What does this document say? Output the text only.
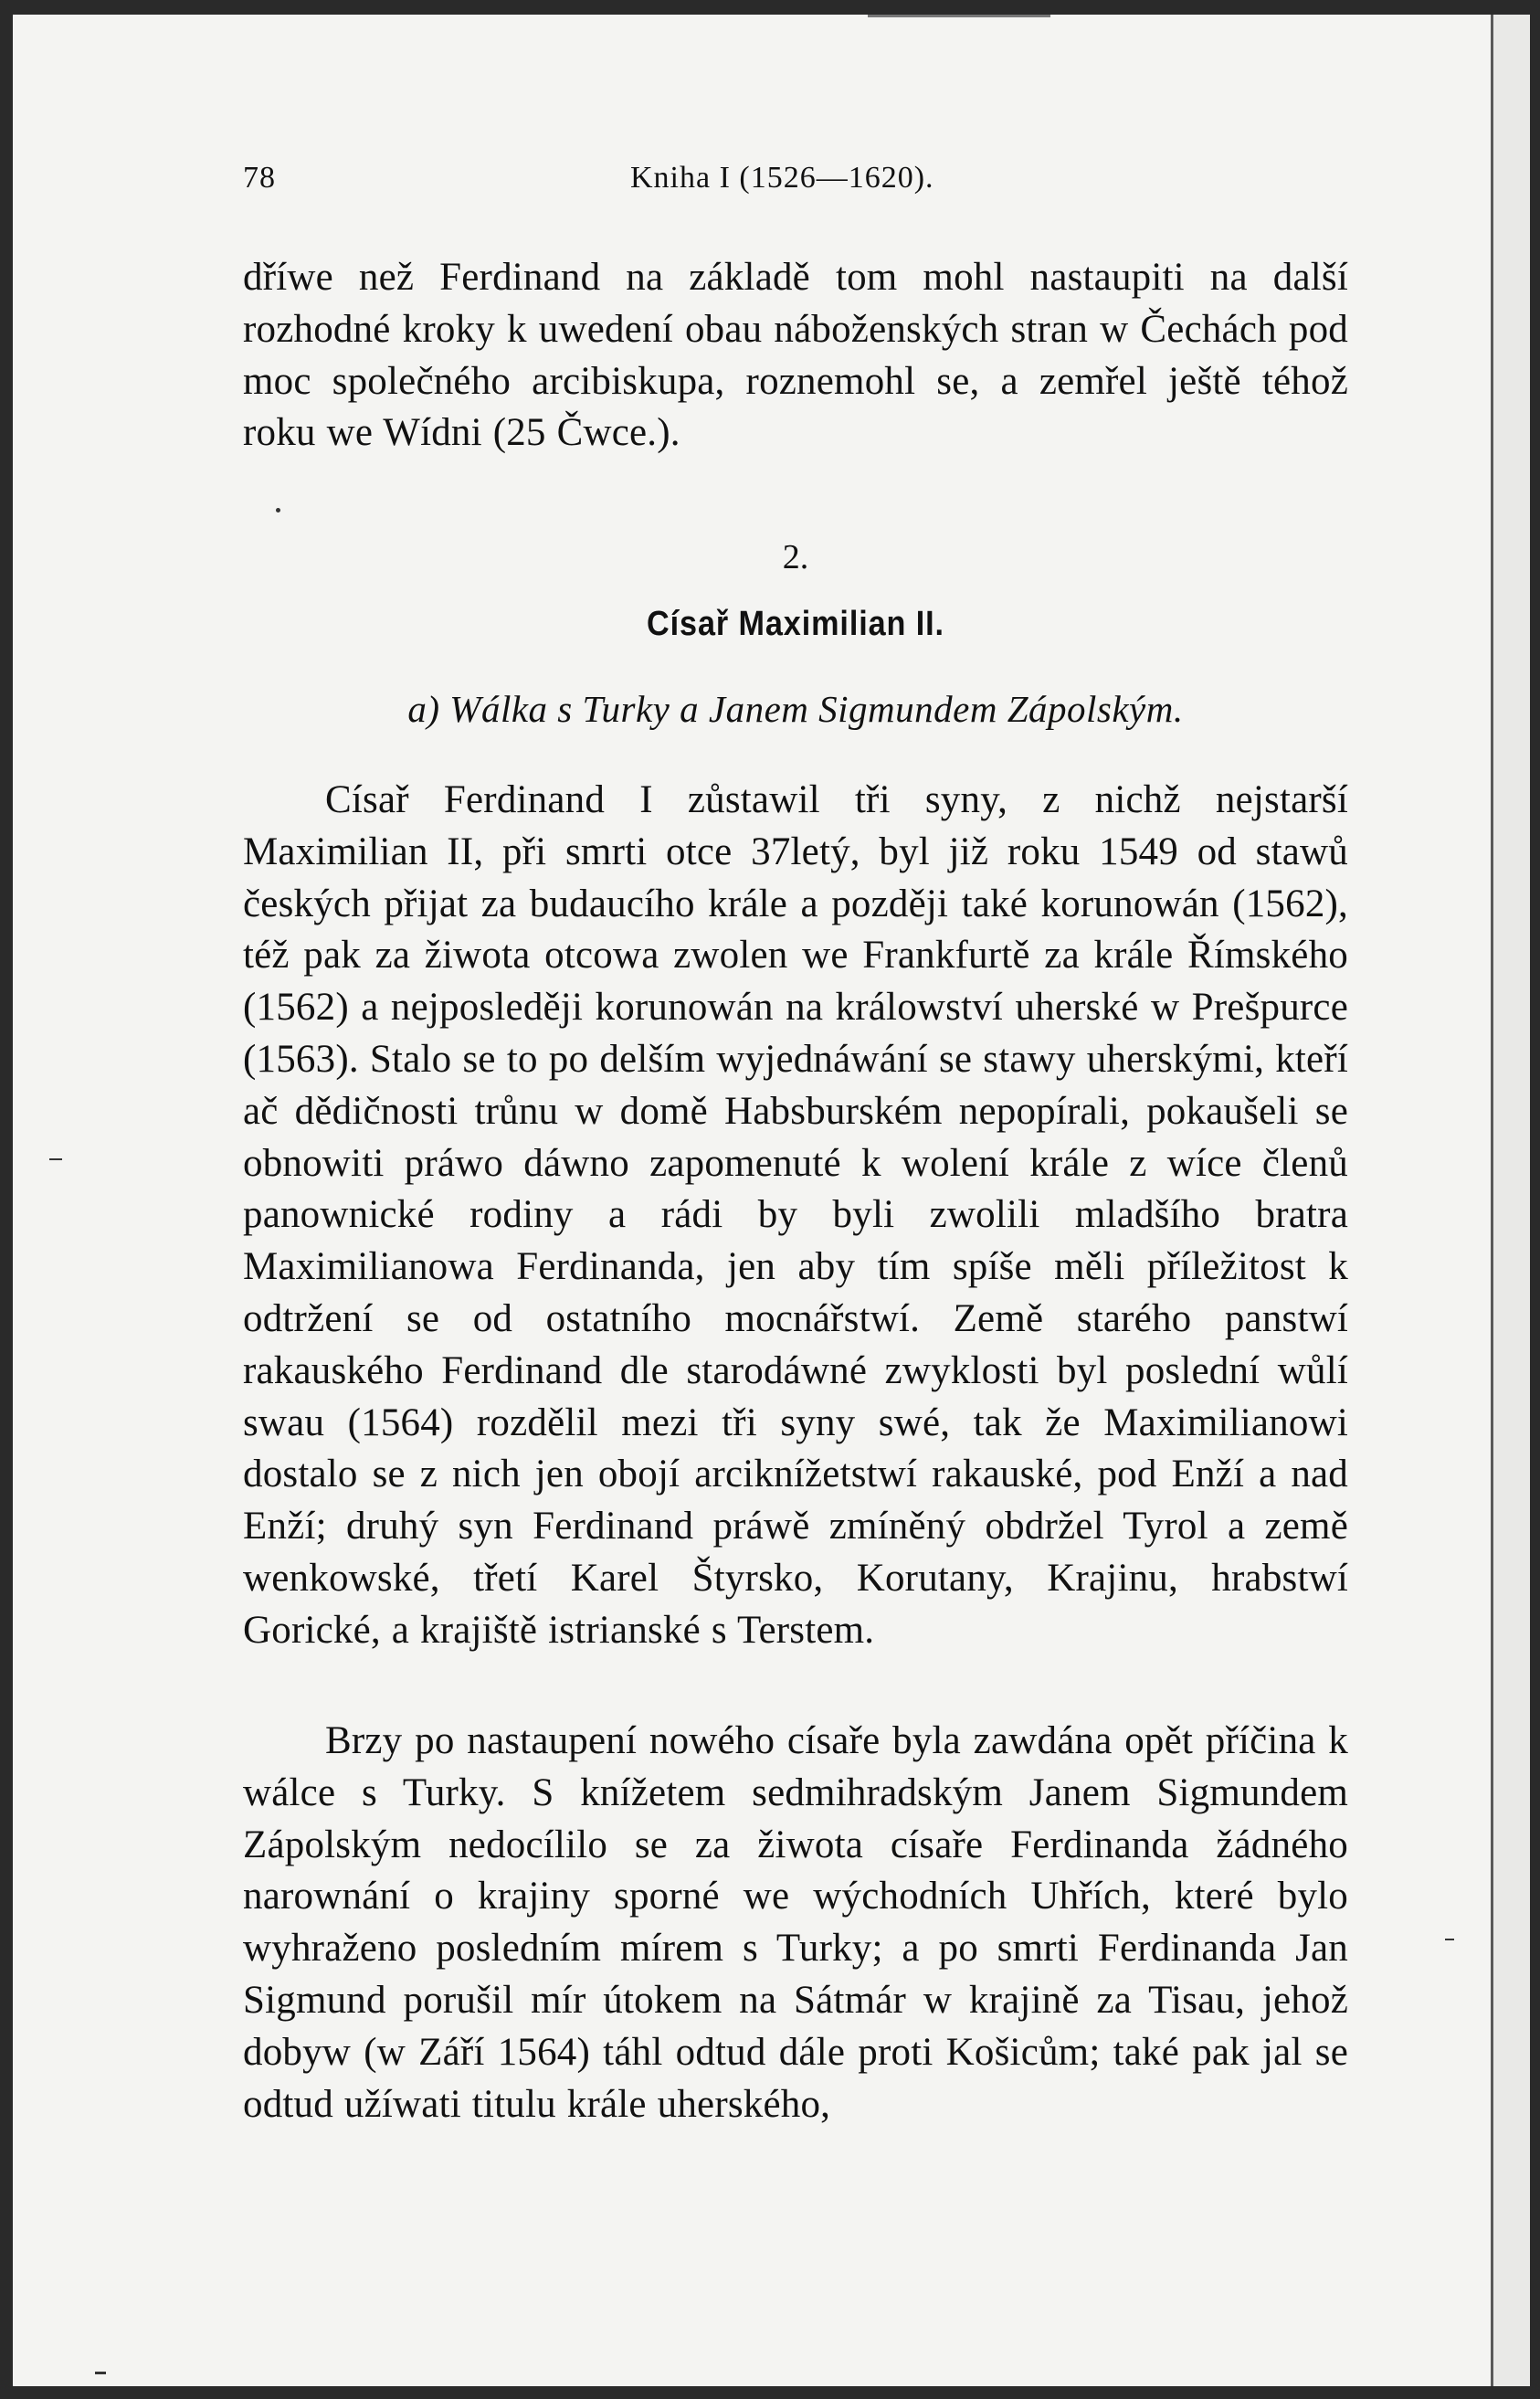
78	Kniha I (1526—1620).
dříwe než Ferdinand na základě tom mohl nastaupiti na další rozhodné kroky k uwedení obau náboženských stran w Čechách pod moc společného arcibiskupa, roznemohl se, a zemřel ještě téhož roku we Wídni (25 Čwce.).
2.
Císař Maximilian II.
a) Wálka s Turky a Janem Sigmundem Zápolským.
Císař Ferdinand I zůstawil tři syny, z nichž nejstarší Maximilian II, při smrti otce 37letý, byl již roku 1549 od stawů českých přijat za budaucího krále a později také korunowán (1562), též pak za žiwota otcowa zwolen we Frankfurtě za krále Římského (1562) a nejposleději korunowán na králowství uherské w Prešpurce (1563). Stalo se to po delším wyjednáwání se stawy uherskými, kteří ač dědičnosti trůnu w domě Habsburském nepopírali, pokaušeli se obnowiti práwo dáwno zapomenuté k wolení krále z wíce členů panownické rodiny a rádi by byli zwolili mladšího bratra Maximilianowa Ferdinanda, jen aby tím spíše měli příležitost k odtržení se od ostatního mocnářstwí. Země starého panstwí rakauského Ferdinand dle starodáwné zwyklosti byl poslední wůlí swau (1564) rozdělil mezi tři syny swé, tak že Maximilianowi dostalo se z nich jen obojí arciknížetstwí rakauské, pod Enží a nad Enží; druhý syn Ferdinand práwě zmíněný obdržel Tyrol a země wenkowské, třetí Karel Štyrsko, Korutany, Krajinu, hrabstwí Gorické, a krajiště istrianské s Terstem.
Brzy po nastaupení nowého císaře byla zawdána opět příčina k wálce s Turky. S knížetem sedmihradským Janem Sigmundem Zápolským nedocílilo se za žiwota císaře Ferdinanda žádného narownání o krajiny sporné we wýchodních Uhřích, které bylo wyhraženo posledním mírem s Turky; a po smrti Ferdinanda Jan Sigmund porušil mír útokem na Sátmár w krajině za Tisau, jehož dobyw (w Září 1564) táhl odtud dále proti Košicům; také pak jal se odtud užíwati titulu krále uherského,
